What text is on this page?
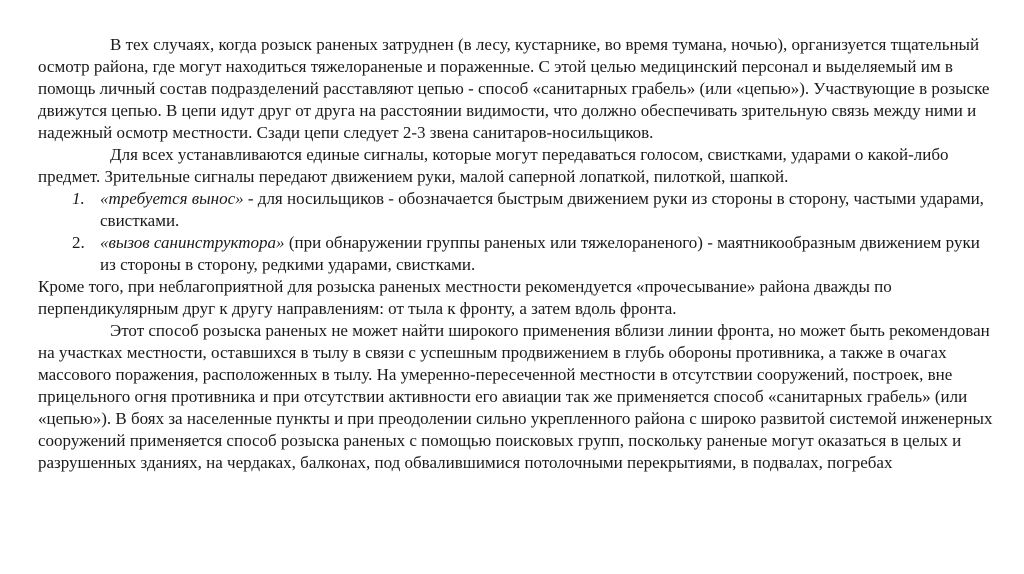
В тех случаях, когда розыск раненых затруднен (в лесу, кустарнике, во время тумана, ночью), организуется тщательный осмотр района, где могут находиться тяжелораненые и пораженные. С этой целью медицинский персонал и выделяемый им в помощь личный состав подразделений расставляют цепью - способ «санитарных грабель» (или «цепью»). Участвующие в розыске движутся цепью. В цепи идут друг от друга на расстоянии видимости, что должно обеспечивать зрительную связь между ними и надежный осмотр местности. Сзади цепи следует 2-3 звена санитаров-носильщиков.

Для всех устанавливаются единые сигналы, которые могут передаваться голосом, свистками, ударами о какой-либо предмет. Зрительные сигналы передают движением руки, малой саперной лопаткой, пилоткой, шапкой.

1. «требуется вынос» - для носильщиков - обозначается быстрым движением руки из стороны в сторону, частыми ударами, свистками.
2. «вызов санинструктора» (при обнаружении группы раненых или тяжелораненого) - маятникообразным движением руки из стороны в сторону, редкими ударами, свистками.

Кроме того, при неблагоприятной для розыска раненых местности рекомендуется «прочесывание» района дважды по перпендикулярным друг к другу направлениям: от тыла к фронту, а затем вдоль фронта.

Этот способ розыска раненых не может найти широкого применения вблизи линии фронта, но может быть рекомендован на участках местности, оставшихся в тылу в связи с успешным продвижением в глубь обороны противника, а также в очагах массового поражения, расположенных в тылу. На умеренно-пересеченной местности в отсутствии сооружений, построек, вне прицельного огня противника и при отсутствии активности его авиации так же применяется способ «санитарных грабель» (или «цепью»). В боях за населенные пункты и при преодолении сильно укрепленного района с широко развитой системой инженерных сооружений применяется способ розыска раненых с помощью поисковых групп, поскольку раненые могут оказаться в целых и разрушенных зданиях, на чердаках, балконах, под обвалившимися потолочными перекрытиями, в подвалах, погребах
